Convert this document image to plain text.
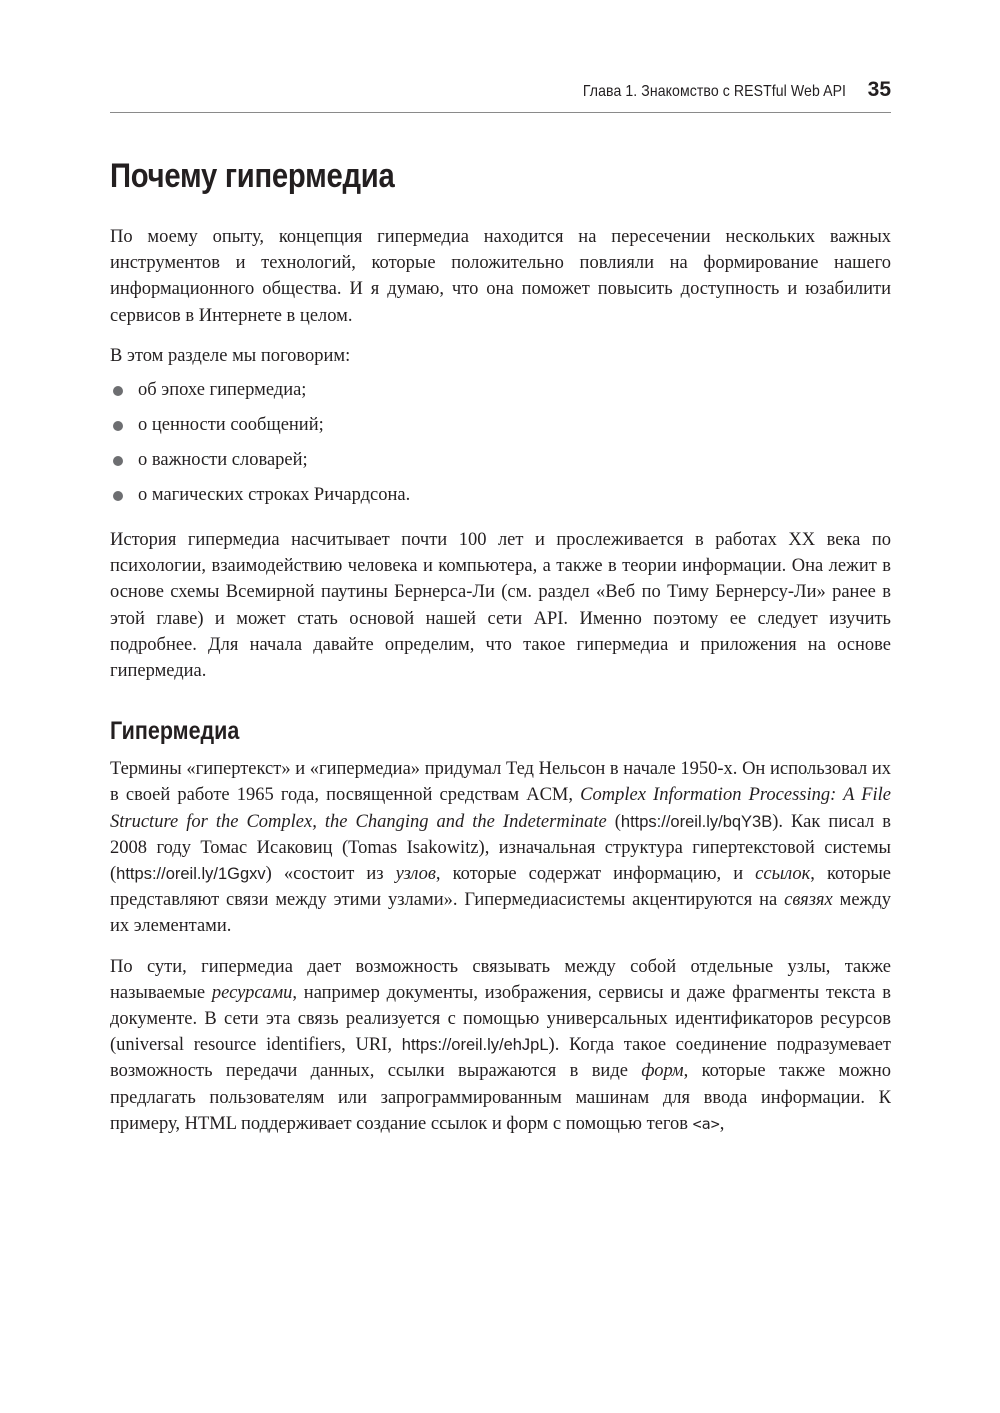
Глава 1. Знакомство с RESTful Web API 35
Почему гипермедиа

По моему опыту, концепция гипермедиа находится на пересечении нескольких важных инструментов и технологий, которые положительно повлияли на формирование нашего информационного общества. И я думаю, что она поможет повысить доступность и юзабилити сервисов в Интернете в целом.

В этом разделе мы поговорим:

об эпохе гипермедиа;
о ценности сообщений;
о важности словарей;
о магических строках Ричардсона.

История гипермедиа насчитывает почти 100 лет и прослеживается в работах XX века по психологии, взаимодействию человека и компьютера, а также в теории информации. Она лежит в основе схемы Всемирной паутины Бернерса-Ли (см. раздел «Веб по Тиму Бернерсу-Ли» ранее в этой главе) и может стать основой нашей сети API. Именно поэтому ее следует изучить подробнее. Для начала давайте определим, что такое гипермедиа и приложения на основе гипермедиа.

Гипермедиа

Термины «гипертекст» и «гипермедиа» придумал Тед Нельсон в начале 1950-х. Он использовал их в своей работе 1965 года, посвященной средствам ACM, Complex Information Processing: A File Structure for the Complex, the Changing and the Indeterminate (https://oreil.ly/bqY3B). Как писал в 2008 году Томас Исаковиц (Tomas Isakowitz), изначальная структура гипертекстовой системы (https://oreil.ly/1Ggxv) «состоит из узлов, которые содержат информацию, и ссылок, которые представляют связи между этими узлами». Гипермедиасистемы акцентируются на связях между их элементами.

По сути, гипермедиа дает возможность связывать между собой отдельные узлы, также называемые ресурсами, например документы, изображения, сервисы и даже фрагменты текста в документе. В сети эта связь реализуется с помощью универсальных идентификаторов ресурсов (universal resource identifiers, URI, https://oreil.ly/ehJpL). Когда такое соединение подразумевает возможность передачи данных, ссылки выражаются в виде форм, которые также можно предлагать пользователям или запрограммированным машинам для ввода информации. К примеру, HTML поддерживает создание ссылок и форм с помощью тегов <a>,
